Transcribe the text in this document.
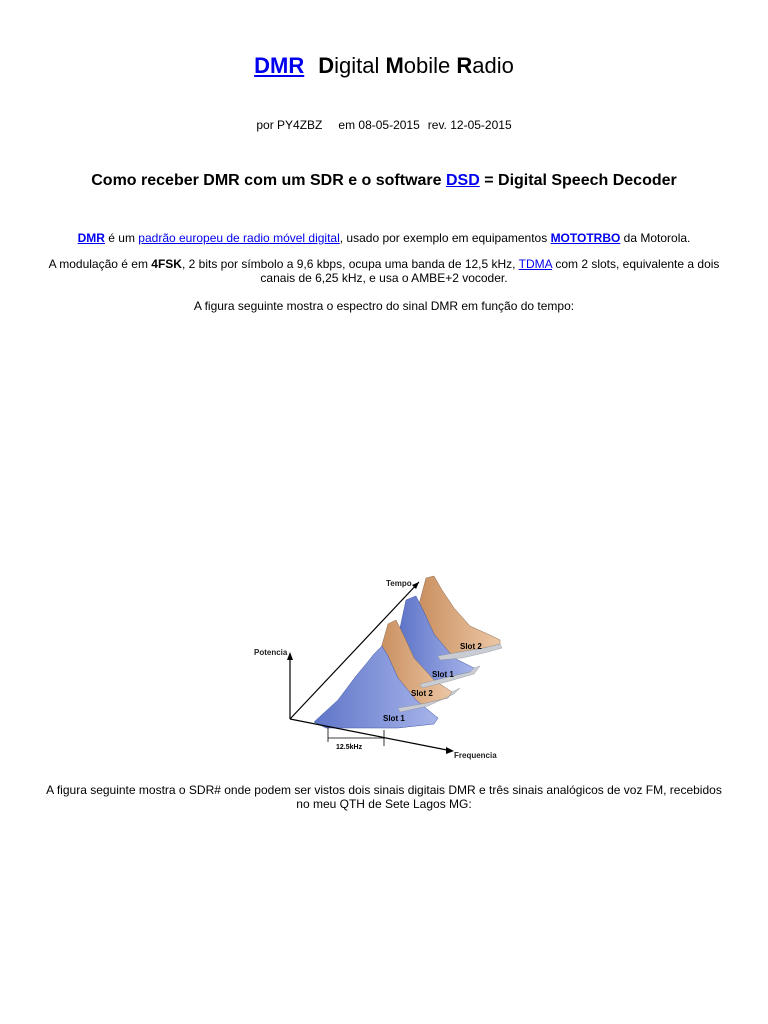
DMR Digital Mobile Radio
por PY4ZBZ em 08-05-2015 rev. 12-05-2015
Como receber DMR com um SDR e o software DSD = Digital Speech Decoder
DMR é um padrão europeu de radio móvel digital, usado por exemplo em equipamentos MOTOTRBO da Motorola.
A modulação é em 4FSK, 2 bits por símbolo a 9,6 kbps, ocupa uma banda de 12,5 kHz, TDMA com 2 slots, equivalente a dois
canais de 6,25 kHz, e usa o AMBE+2 vocoder.
A figura seguinte mostra o espectro do sinal DMR em função do tempo:
Tempo
Potencia
Frequencia
12.5kHz
Slot 1
Slot 2
Slot 1
Slot 2
A figura seguinte mostra o SDR# onde podem ser vistos dois sinais digitais DMR e três sinais analógicos de voz FM, recebidos
no meu QTH de Sete Lagos MG:
